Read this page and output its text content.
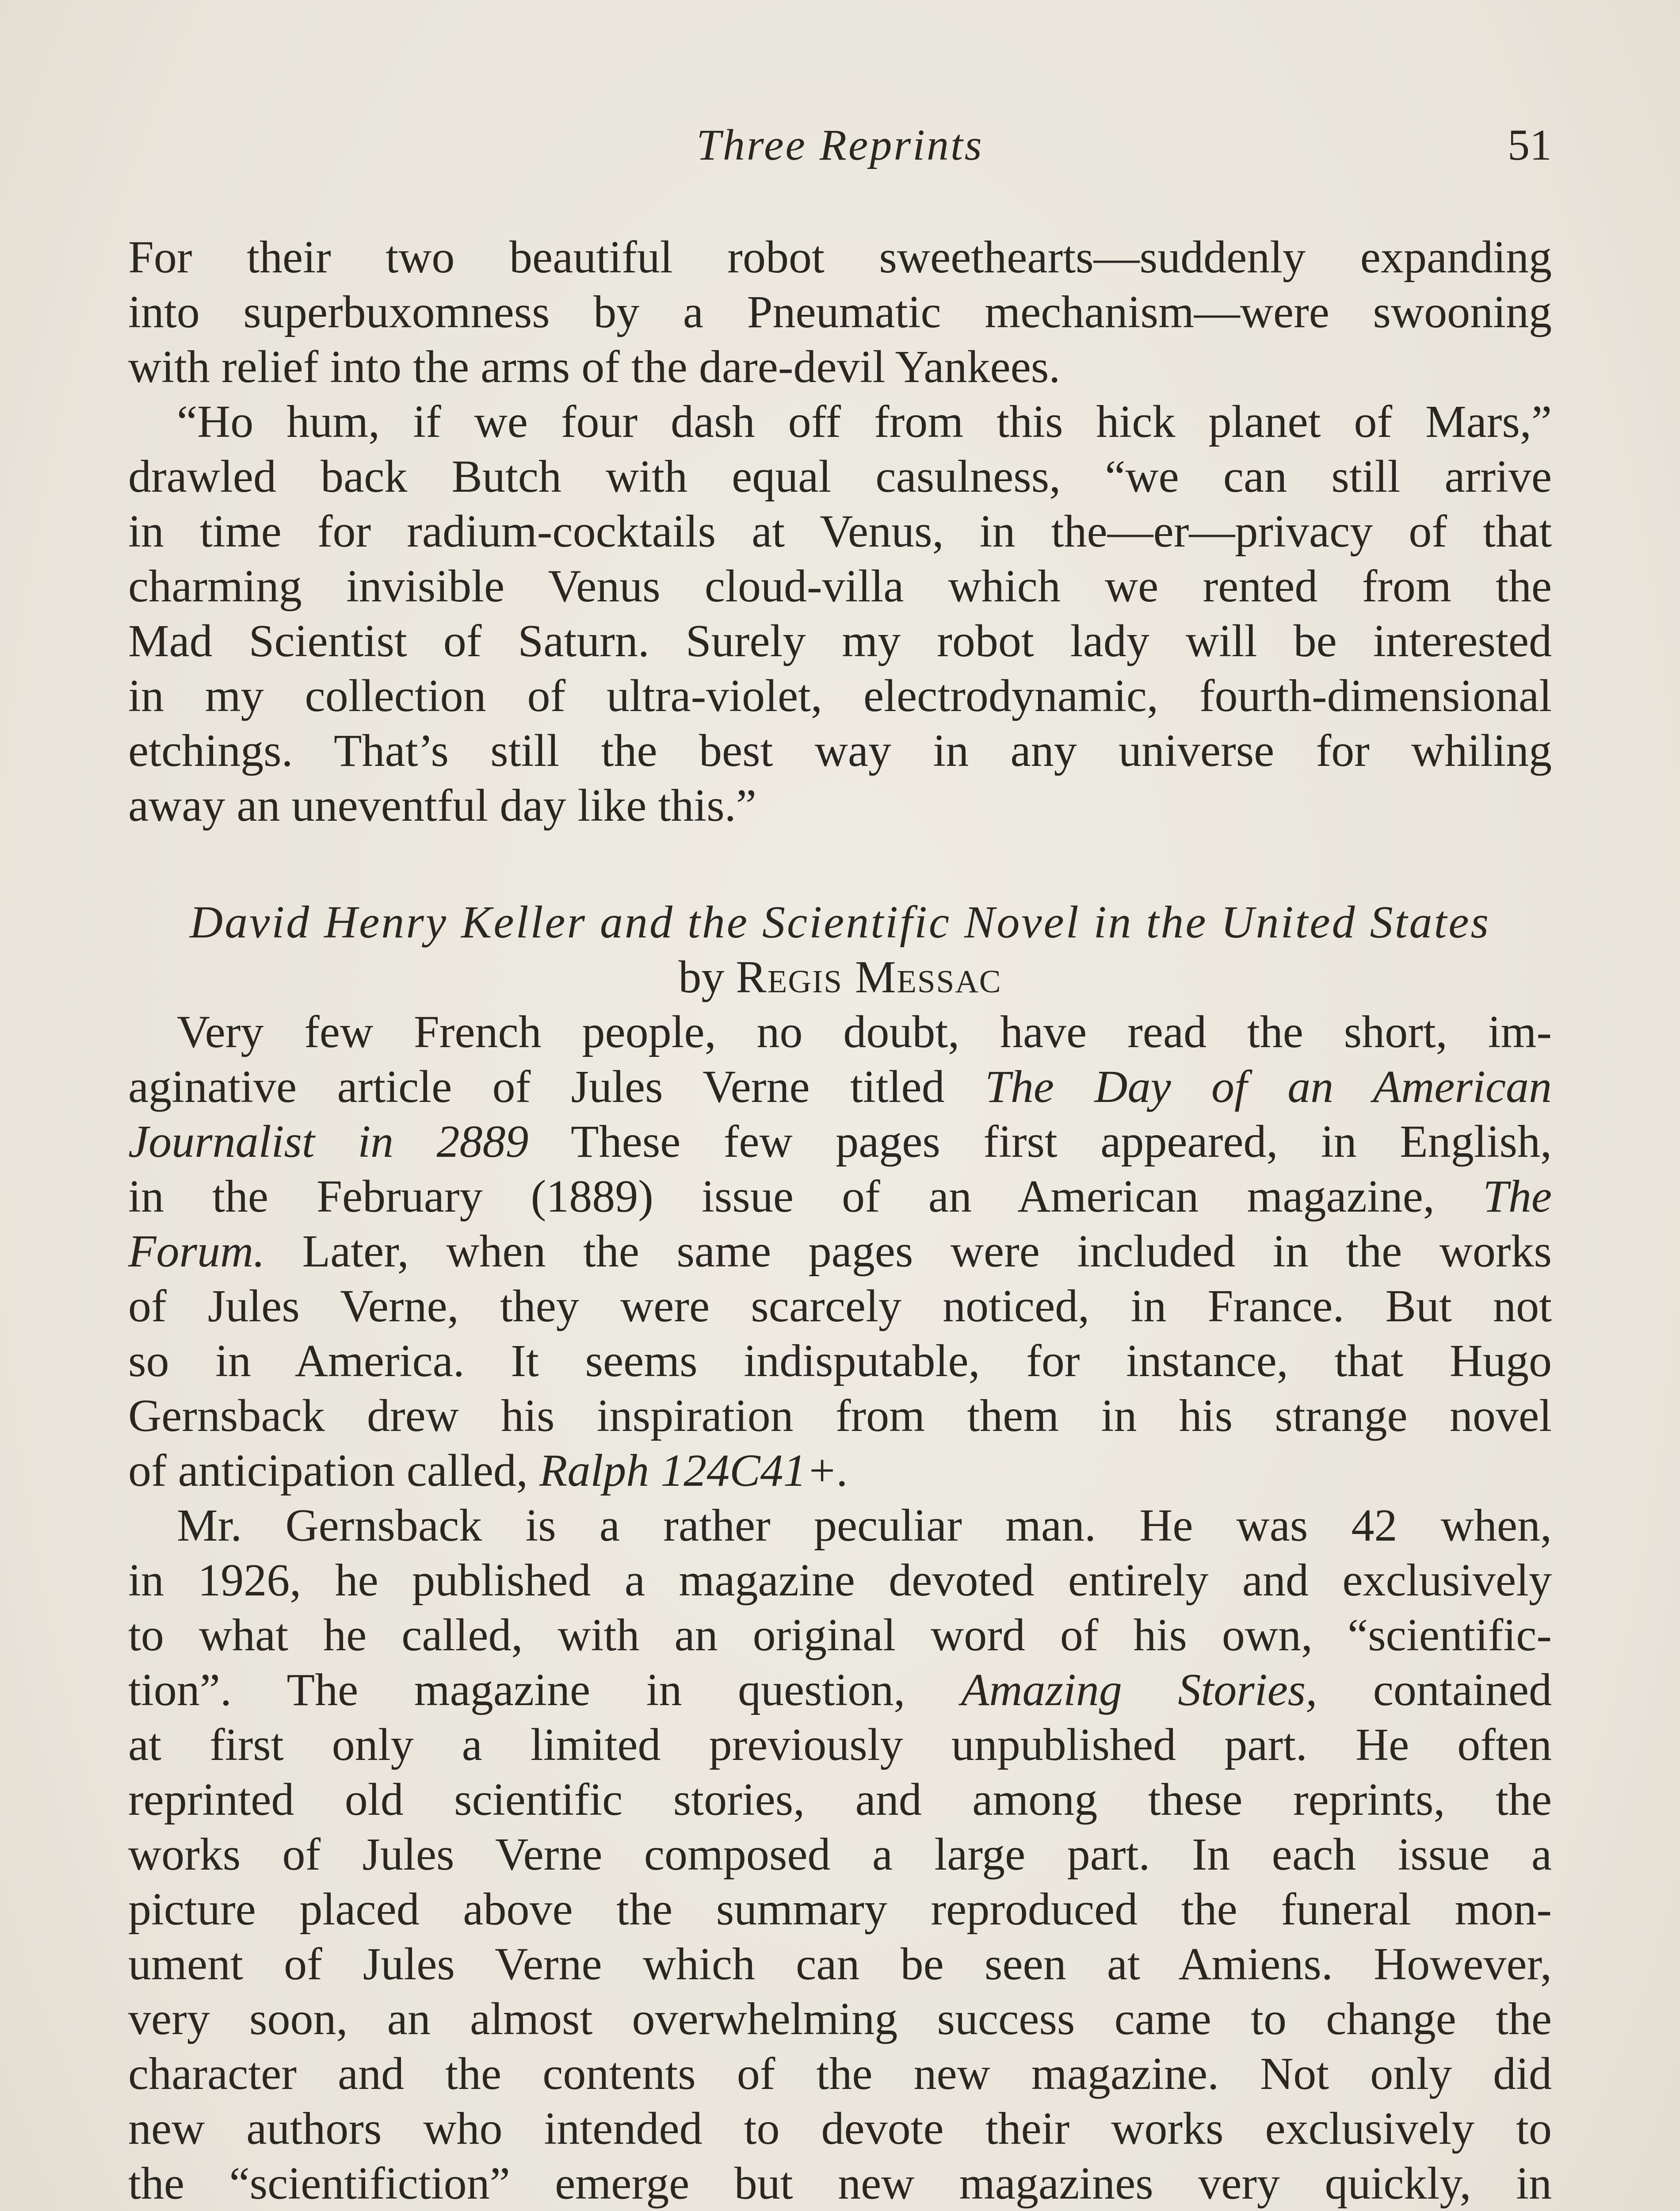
Three Reprints	51

For their two beautiful robot sweethearts—suddenly expanding
into superbuxomness by a Pneumatic mechanism—were swooning
with relief into the arms of the dare-devil Yankees.

“Ho hum, if we four dash off from this hick planet of Mars,”
drawled back Butch with equal casulness, “we can still arrive
in time for radium-cocktails at Venus, in the—er—privacy of that
charming invisible Venus cloud-villa which we rented from the
Mad Scientist of Saturn. Surely my robot lady will be interested
in my collection of ultra-violet, electrodynamic, fourth-dimensional
etchings. That’s still the best way in any universe for whiling
away an uneventful day like this.”

David Henry Keller and the Scientific Novel in the United States

by Regis Messac

Very few French people, no doubt, have read the short, im-
aginative article of Jules Verne titled The Day of an American
Journalist in 2889 These few pages first appeared, in English,
in the February (1889) issue of an American magazine, The
Forum. Later, when the same pages were included in the works
of Jules Verne, they were scarcely noticed, in France. But not
so in America. It seems indisputable, for instance, that Hugo
Gernsback drew his inspiration from them in his strange novel
of anticipation called, Ralph 124C41+.

Mr. Gernsback is a rather peculiar man. He was 42 when,
in 1926, he published a magazine devoted entirely and exclusively
to what he called, with an original word of his own, “scientific-
tion”. The magazine in question, Amazing Stories, contained
at first only a limited previously unpublished part. He often
reprinted old scientific stories, and among these reprints, the
works of Jules Verne composed a large part. In each issue a
picture placed above the summary reproduced the funeral mon-
ument of Jules Verne which can be seen at Amiens. However,
very soon, an almost overwhelming success came to change the
character and the contents of the new magazine. Not only did
new authors who intended to devote their works exclusively to
the “scientifiction” emerge but new magazines very quickly, in
